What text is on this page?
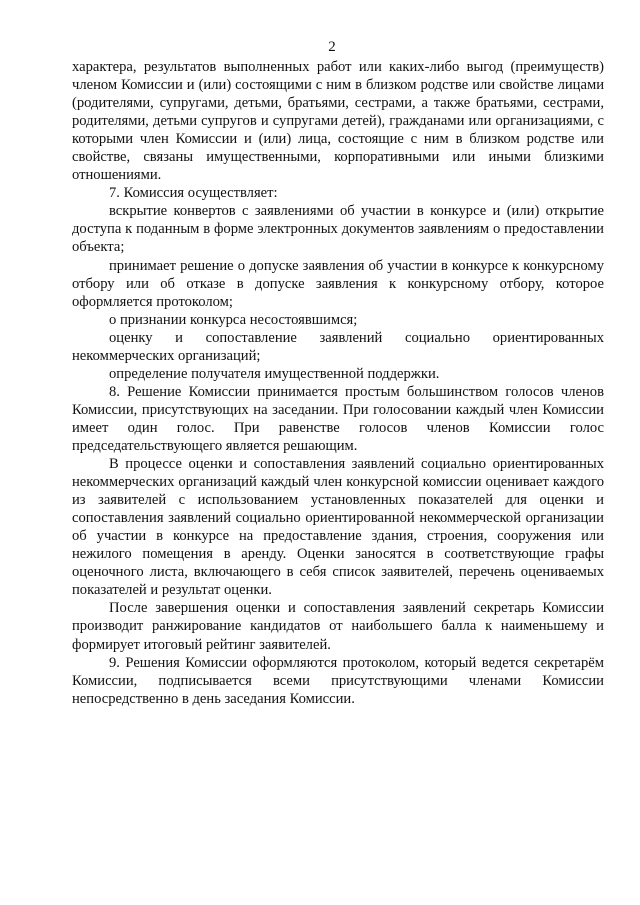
2

характера, результатов выполненных работ или каких-либо выгод (преимуществ) членом Комиссии и (или) состоящими с ним в близком родстве или свойстве лицами (родителями, супругами, детьми, братьями, сестрами, а также братьями, сестрами, родителями, детьми супругов и супругами детей), гражданами или организациями, с которыми член Комиссии и (или) лица, состоящие с ним в близком родстве или свойстве, связаны имущественными, корпоративными или иными близкими отношениями.

7. Комиссия осуществляет:

вскрытие конвертов с заявлениями об участии в конкурсе и (или) открытие доступа к поданным в форме электронных документов заявлениям о предоставлении объекта;

принимает решение о допуске заявления об участии в конкурсе к конкурсному отбору или об отказе в допуске заявления к конкурсному отбору, которое оформляется протоколом;

о признании конкурса несостоявшимся;

оценку и сопоставление заявлений социально ориентированных некоммерческих организаций;

определение получателя имущественной поддержки.

8. Решение Комиссии принимается простым большинством голосов членов Комиссии, присутствующих на заседании. При голосовании каждый член Комиссии имеет один голос. При равенстве голосов членов Комиссии голос председательствующего является решающим.

В процессе оценки и сопоставления заявлений социально ориентированных некоммерческих организаций каждый член конкурсной комиссии оценивает каждого из заявителей с использованием установленных показателей для оценки и сопоставления заявлений социально ориентированной некоммерческой организации об участии в конкурсе на предоставление здания, строения, сооружения или нежилого помещения в аренду. Оценки заносятся в соответствующие графы оценочного листа, включающего в себя список заявителей, перечень оцениваемых показателей и результат оценки.

После завершения оценки и сопоставления заявлений секретарь Комиссии производит ранжирование кандидатов от наибольшего балла к наименьшему и формирует итоговый рейтинг заявителей.

9. Решения Комиссии оформляются протоколом, который ведется секретарём Комиссии, подписывается всеми присутствующими членами Комиссии непосредственно в день заседания Комиссии.
